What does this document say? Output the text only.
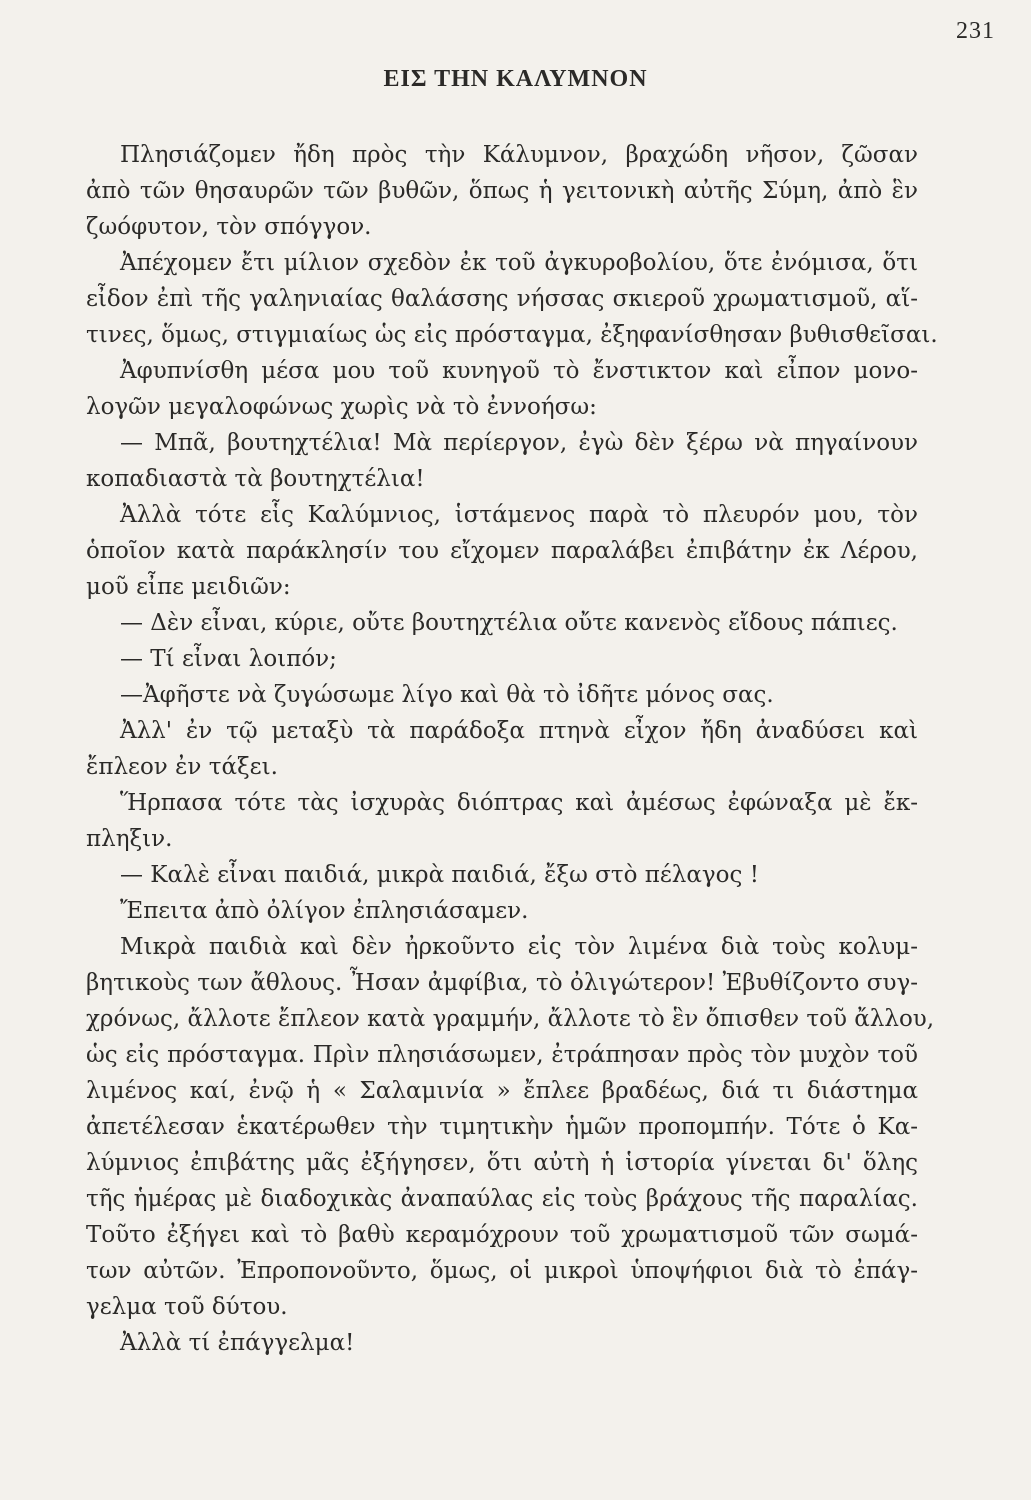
231
ΕΙΣ ΤΗΝ ΚΑΛΥΜΝΟΝ
Πλησιάζομεν ἤδη πρὸς τὴν Κάλυμνον, βραχώδη νῆσον, ζῶσαν
ἀπὸ τῶν θησαυρῶν τῶν βυθῶν, ὅπως ἡ γειτονικὴ αὐτῆς Σύμη, ἀπὸ ἓν
ζωόφυτον, τὸν σπόγγον.
Ἀπέχομεν ἔτι μίλιον σχεδὸν ἐκ τοῦ ἀγκυροβολίου, ὅτε ἐνόμισα, ὅτι
εἶδον ἐπὶ τῆς γαληνιαίας θαλάσσης νήσσας σκιεροῦ χρωματισμοῦ, αἵ-
τινες, ὅμως, στιγμιαίως ὡς εἰς πρόσταγμα, ἐξηφανίσθησαν βυθισθεῖσαι.
Ἀφυπνίσθη μέσα μου τοῦ κυνηγοῦ τὸ ἔνστικτον καὶ εἶπον μονο-
λογῶν μεγαλοφώνως χωρὶς νὰ τὸ ἐννοήσω:
— Μπᾶ, βουτηχτέλια! Μὰ περίεργον, ἐγὼ δὲν ξέρω νὰ πηγαίνουν
κοπαδιαστὰ τὰ βουτηχτέλια!
Ἀλλὰ τότε εἷς Καλύμνιος, ἱστάμενος παρὰ τὸ πλευρόν μου, τὸν
ὁποῖον κατὰ παράκλησίν του εἴχομεν παραλάβει ἐπιβάτην ἐκ Λέρου,
μοῦ εἶπε μειδιῶν:
— Δὲν εἶναι, κύριε, οὔτε βουτηχτέλια οὔτε κανενὸς εἴδους πάπιες.
— Τί εἶναι λοιπόν;
—Ἀφῆστε νὰ ζυγώσωμε λίγο καὶ θὰ τὸ ἰδῆτε μόνος σας.
Ἀλλ' ἐν τῷ μεταξὺ τὰ παράδοξα πτηνὰ εἶχον ἤδη ἀναδύσει καὶ
ἔπλεον ἐν τάξει.
Ἥρπασα τότε τὰς ἰσχυρὰς διόπτρας καὶ ἀμέσως ἐφώναξα μὲ ἔκ-
πληξιν.
— Καλὲ εἶναι παιδιά, μικρὰ παιδιά, ἔξω στὸ πέλαγος !
Ἔπειτα ἀπὸ ὀλίγον ἐπλησιάσαμεν.
Μικρὰ παιδιὰ καὶ δὲν ἠρκοῦντο εἰς τὸν λιμένα διὰ τοὺς κολυμ-
βητικοὺς των ἄθλους. Ἦσαν ἀμφίβια, τὸ ὀλιγώτερον! Ἐβυθίζοντο συγ-
χρόνως, ἄλλοτε ἔπλεον κατὰ γραμμήν, ἄλλοτε τὸ ἓν ὄπισθεν τοῦ ἄλλου,
ὡς εἰς πρόσταγμα. Πρὶν πλησιάσωμεν, ἐτράπησαν πρὸς τὸν μυχὸν τοῦ
λιμένος καί, ἐνῷ ἡ « Σαλαμινία » ἔπλεε βραδέως, διά τι διάστημα
ἀπετέλεσαν ἑκατέρωθεν τὴν τιμητικὴν ἡμῶν προπομπήν. Τότε ὁ Κα-
λύμνιος ἐπιβάτης μᾶς ἐξήγησεν, ὅτι αὐτὴ ἡ ἱστορία γίνεται δι' ὅλης
τῆς ἡμέρας μὲ διαδοχικὰς ἀναπαύλας εἰς τοὺς βράχους τῆς παραλίας.
Τοῦτο ἐξήγει καὶ τὸ βαθὺ κεραμόχρουν τοῦ χρωματισμοῦ τῶν σωμά-
των αὐτῶν. Ἐπροπονοῦντο, ὅμως, οἱ μικροὶ ὑποψήφιοι διὰ τὸ ἐπάγ-
γελμα τοῦ δύτου.
Ἀλλὰ τί ἐπάγγελμα!
